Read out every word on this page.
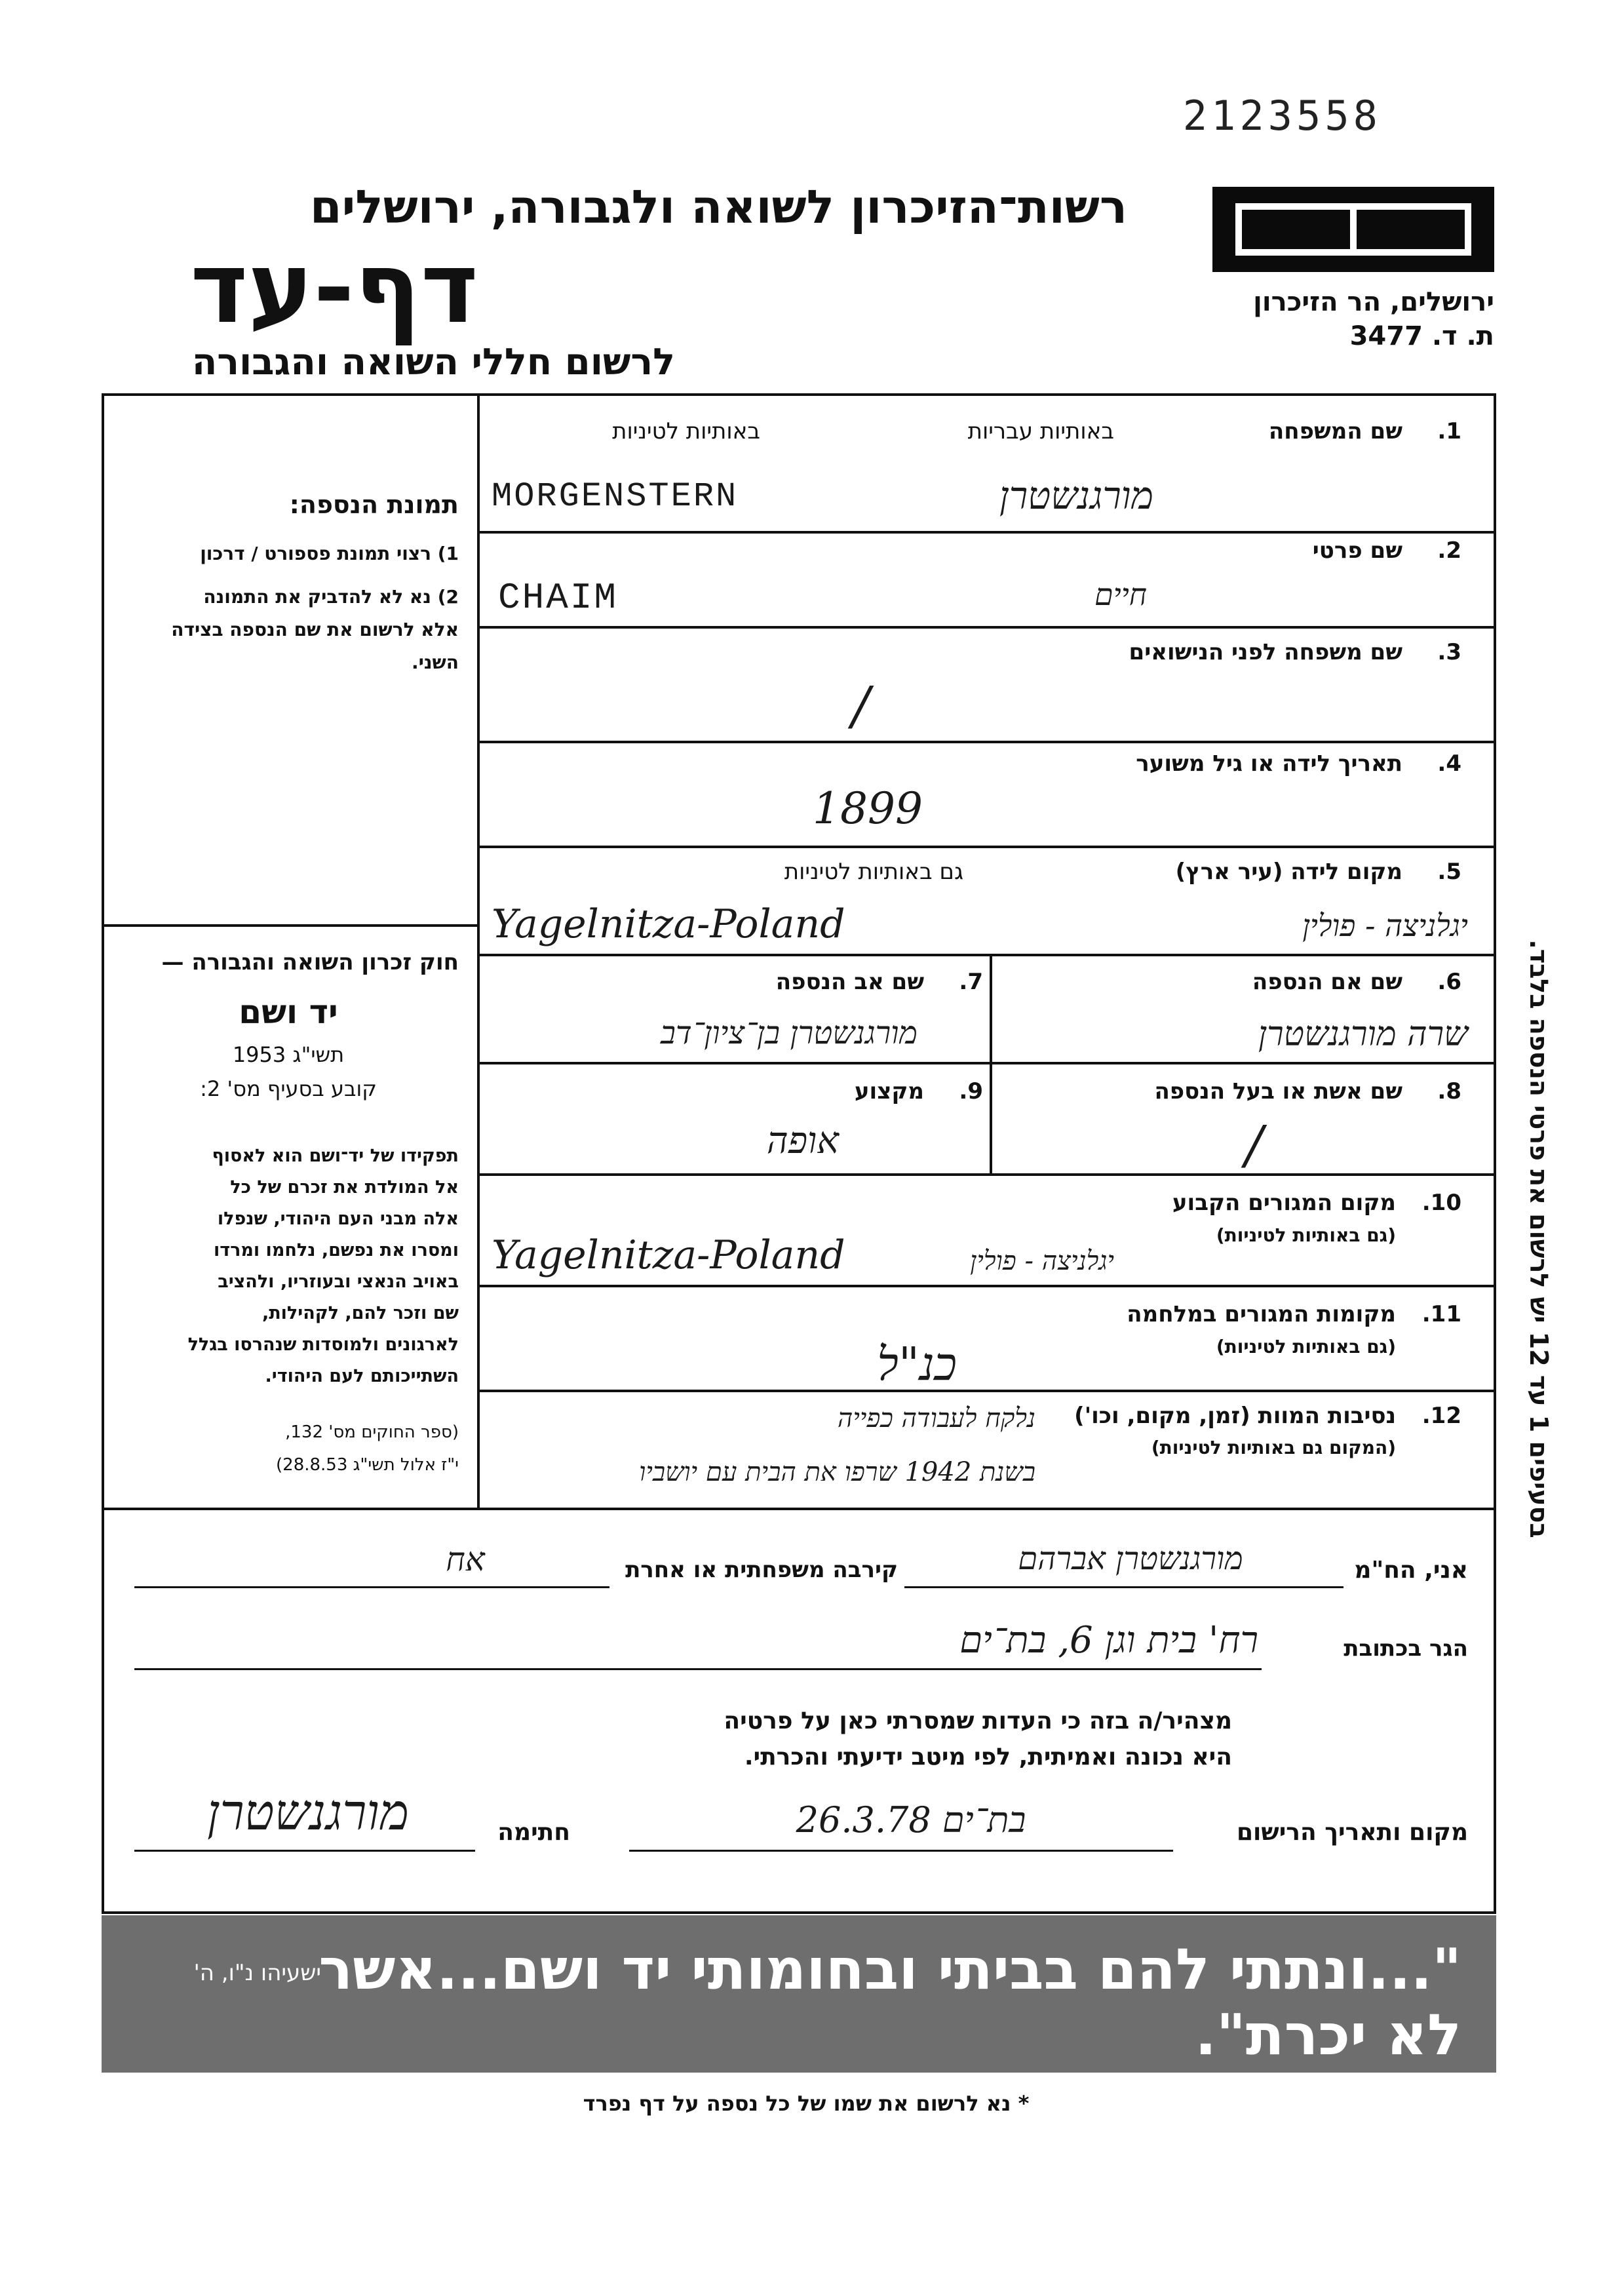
2123558
ירושלים, הר הזיכרון
ת. ד. 3477
רשות־הזיכרון לשואה ולגבורה, ירושלים
דף-עד
לרשום חללי השואה והגבורה
תמונת הנספה:
1) רצוי תמונת פספורט / דרכון
2) נא לא להדביק את התמונה
אלא לרשום את שם הנספה בצידה
השני.
חוק זכרון השואה והגבורה —
יד ושם
תשי"ג 1953
קובע בסעיף מס' 2:
תפקידו של יד־ושם הוא לאסוף
אל המולדת את זכרם של כל
אלה מבני העם היהודי, שנפלו
ומסרו את נפשם, נלחמו ומרדו
באויב הנאצי ובעוזריו, ולהציב
שם וזכר להם, לקהילות,
לארגונים ולמוסדות שנהרסו בגלל
השתייכותם לעם היהודי.
(ספר החוקים מס' 132,
י"ז אלול תשי"ג 28.8.53)
1.
שם המשפחה
באותיות עבריות
באותיות לטיניות
MORGENSTERN	מורגנשטרן
2.
שם פרטי
CHAIM	חיים
3.
שם משפחה לפני הנישואים
/
4.
תאריך לידה או גיל משוער
1899
5.
מקום לידה (עיר ארץ)
גם באותיות לטיניות
Yagelnitza-Poland	יגלניצה - פולין
6.
שם אם הנספה
שרה מורגנשטרן
7.
שם אב הנספה
מורגנשטרן בן־ציון־דב
8.
שם אשת או בעל הנספה
/
9.
מקצוע
אופה
10.
מקום המגורים הקבוע
(גם באותיות לטיניות)
Yagelnitza-Poland	יגלניצה - פולין
11.
מקומות המגורים במלחמה
(גם באותיות לטיניות)
כנ"ל
12.
נסיבות המוות (זמן, מקום, וכו')
(המקום גם באותיות לטיניות)
נלקח לעבודה כפייה
בשנת 1942 שרפו את הבית עם יושביו
אני, הח"מ
מורגנשטרן אברהם
קירבה משפחתית או אחרת
אח
הגר בכתובת
רח' בית וגן 6, בת־ים
מצהיר/ה בזה כי העדות שמסרתי כאן על פרטיה
היא נכונה ואמיתית, לפי מיטב ידיעתי והכרתי.
מקום ותאריך הרישום
בת־ים 26.3.78
חתימה
מורגנשטרן
"...ונתתי להם בביתי ובחומותי יד ושם...אשר לא יכרת".
ישעיהו נ"ו, ה'
* נא לרשום את שמו של כל נספה על דף נפרד
בסעיפים 1 עד 12 יש לרשום את פרטי הנספה בלבד.
